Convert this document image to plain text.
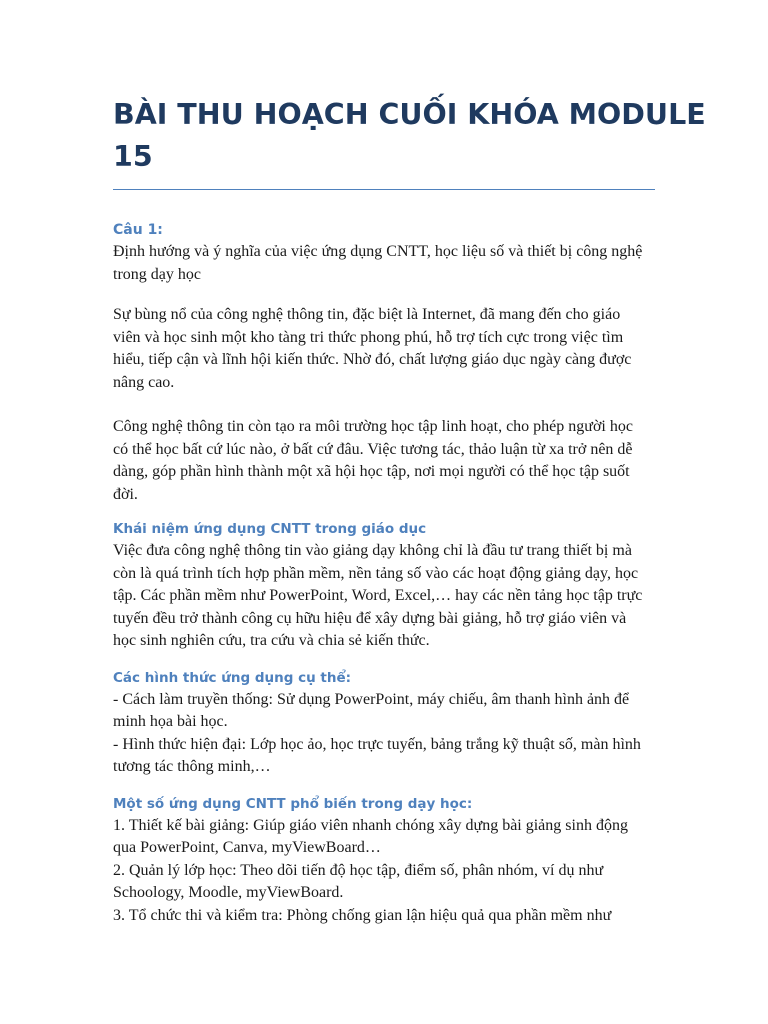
BÀI THU HOẠCH CUỐI KHÓA MODULE
15

Câu 1:

Định hướng và ý nghĩa của việc ứng dụng CNTT, học liệu số và thiết bị công nghệ
trong dạy học

Sự bùng nổ của công nghệ thông tin, đặc biệt là Internet, đã mang đến cho giáo
viên và học sinh một kho tàng tri thức phong phú, hỗ trợ tích cực trong việc tìm
hiểu, tiếp cận và lĩnh hội kiến thức. Nhờ đó, chất lượng giáo dục ngày càng được
nâng cao.

Công nghệ thông tin còn tạo ra môi trường học tập linh hoạt, cho phép người học
có thể học bất cứ lúc nào, ở bất cứ đâu. Việc tương tác, thảo luận từ xa trở nên dễ
dàng, góp phần hình thành một xã hội học tập, nơi mọi người có thể học tập suốt
đời.

Khái niệm ứng dụng CNTT trong giáo dục

Việc đưa công nghệ thông tin vào giảng dạy không chỉ là đầu tư trang thiết bị mà
còn là quá trình tích hợp phần mềm, nền tảng số vào các hoạt động giảng dạy, học
tập. Các phần mềm như PowerPoint, Word, Excel,… hay các nền tảng học tập trực
tuyến đều trở thành công cụ hữu hiệu để xây dựng bài giảng, hỗ trợ giáo viên và
học sinh nghiên cứu, tra cứu và chia sẻ kiến thức.

Các hình thức ứng dụng cụ thể:

- Cách làm truyền thống: Sử dụng PowerPoint, máy chiếu, âm thanh hình ảnh để
minh họa bài học.
- Hình thức hiện đại: Lớp học ảo, học trực tuyến, bảng trắng kỹ thuật số, màn hình
tương tác thông minh,…

Một số ứng dụng CNTT phổ biến trong dạy học:

1. Thiết kế bài giảng: Giúp giáo viên nhanh chóng xây dựng bài giảng sinh động
qua PowerPoint, Canva, myViewBoard…
2. Quản lý lớp học: Theo dõi tiến độ học tập, điểm số, phân nhóm, ví dụ như
Schoology, Moodle, myViewBoard.
3. Tổ chức thi và kiểm tra: Phòng chống gian lận hiệu quả qua phần mềm như
